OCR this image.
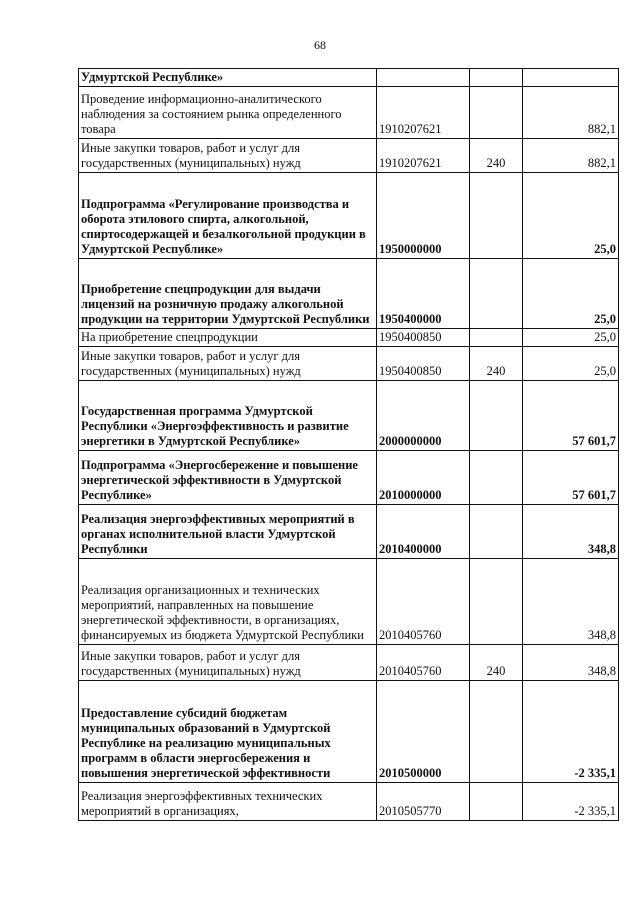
68
Удмуртской Республике»			
Проведение информационно-аналитического наблюдения за состоянием рынка определенного товара	1910207621		882,1
Иные закупки товаров, работ и услуг для государственных (муниципальных) нужд	1910207621	240	882,1
Подпрограмма «Регулирование производства и оборота этилового спирта, алкогольной, спиртосодержащей и безалкогольной продукции в Удмуртской Республике»	1950000000		25,0
Приобретение спецпродукции для выдачи лицензий на розничную продажу алкогольной продукции на территории Удмуртской Республики	1950400000		25,0
На приобретение спецпродукции	1950400850		25,0
Иные закупки товаров, работ и услуг для государственных (муниципальных) нужд	1950400850	240	25,0
Государственная программа Удмуртской Республики «Энергоэффективность и развитие энергетики в Удмуртской Республике»	2000000000		57 601,7
Подпрограмма «Энергосбережение и повышение энергетической эффективности в Удмуртской Республике»	2010000000		57 601,7
Реализация энергоэффективных мероприятий в органах исполнительной власти Удмуртской Республики	2010400000		348,8
Реализация организационных и технических мероприятий, направленных на повышение энергетической эффективности, в организациях, финансируемых из бюджета Удмуртской Республики	2010405760		348,8
Иные закупки товаров, работ и услуг для государственных (муниципальных) нужд	2010405760	240	348,8
Предоставление субсидий бюджетам муниципальных образований в Удмуртской Республике на реализацию муниципальных программ в области энергосбережения и повышения энергетической эффективности	2010500000		-2 335,1
Реализация энергоэффективных технических мероприятий в организациях,	2010505770		-2 335,1
